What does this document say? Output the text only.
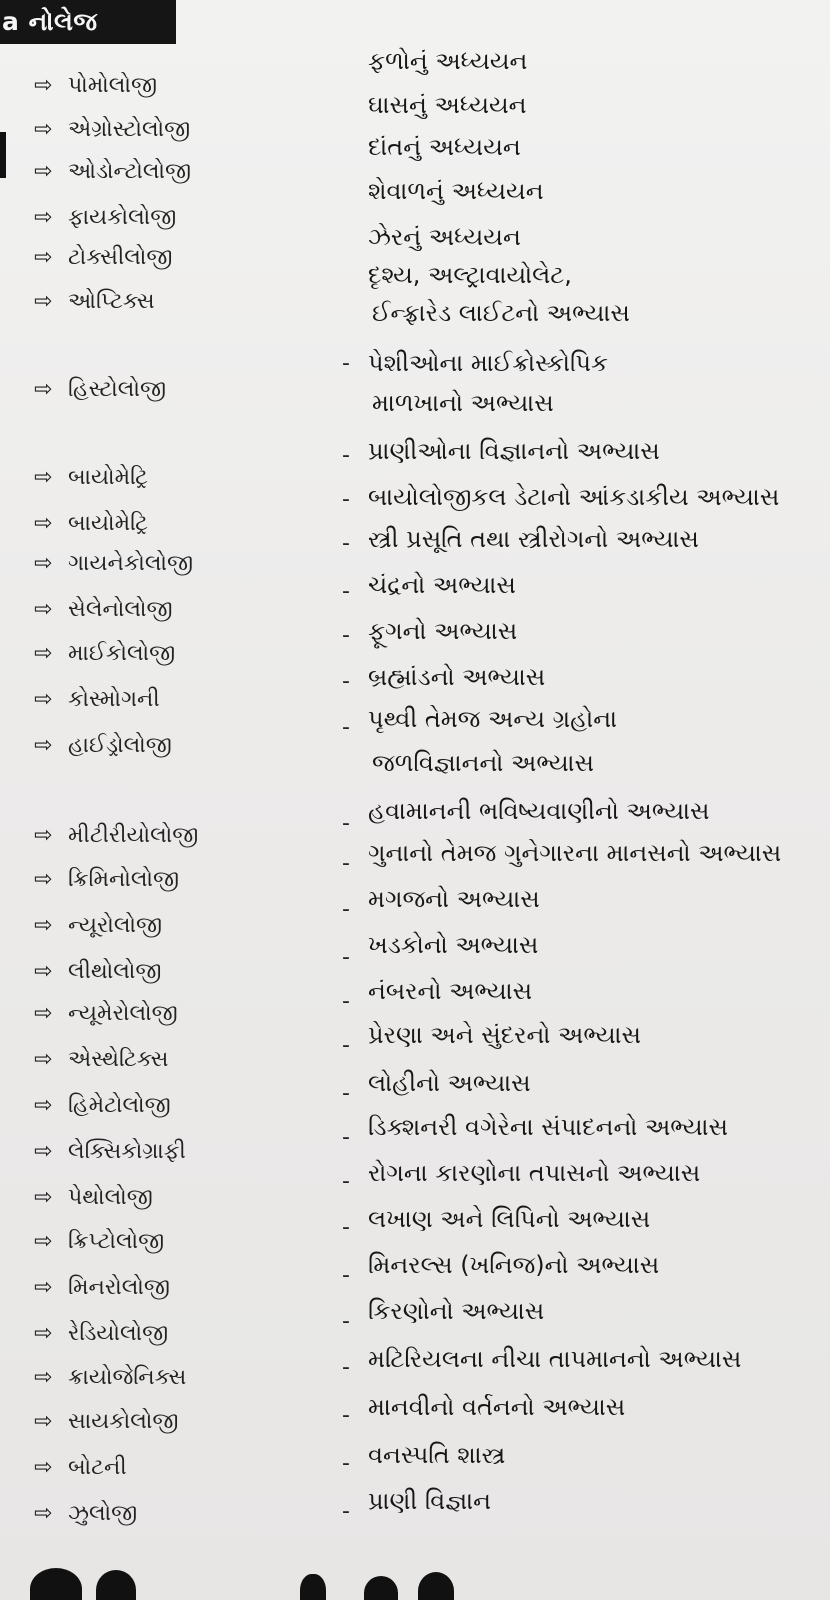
a નોલેજ
⇨ પોમોલોજી
ફળોનું અધ્યયન
⇨ એગ્રોસ્ટોલોજી
ઘાસનું અધ્યયન
⇨ ઓડોન્ટોલોજી
દાંતનું અધ્યયન
⇨ ફાયકોલોજી
શેવાળનું અધ્યયન
⇨ ટોક્સીલોજી
ઝેરનું અધ્યયન
⇨ ઓપ્ટિક્સ
દૃશ્ય, અલ્ટ્રાવાયોલેટ,
ઈન્ફ્રારેડ લાઈટનો અભ્યાસ
⇨ હિસ્ટોલોજી
- પેશીઓના માઈક્રોસ્કોપિક
માળખાનો અભ્યાસ
⇨ બાયોમેટ્રિ
- પ્રાણીઓના વિજ્ઞાનનો અભ્યાસ
⇨ બાયોમેટ્રિ
- બાયોલોજીકલ ડેટાનો આંકડાકીય અભ્યાસ
⇨ ગાયનેકોલોજી
- સ્ત્રી પ્રસૂતિ તથા સ્ત્રીરોગનો અભ્યાસ
⇨ સેલેનોલોજી
- ચંદ્રનો અભ્યાસ
⇨ માઈકોલોજી
- ફૂગનો અભ્યાસ
⇨ કોસ્મોગની
- બ્રહ્માંડનો અભ્યાસ
⇨ હાઈડ્રોલોજી
- પૃથ્વી તેમજ અન્ય ગ્રહોના
જળવિજ્ઞાનનો અભ્યાસ
⇨ મીટીરીયોલોજી	- હવામાનની ભવિષ્યવાણીનો અભ્યાસ
⇨ ક્રિમિનોલોજી
- ગુનાનો તેમજ ગુનેગારના માનસનો અભ્યાસ
⇨ ન્યૂરોલોજી
- મગજનો અભ્યાસ
⇨ લીથોલોજી
- ખડકોનો અભ્યાસ
⇨ ન્યૂમેરોલોજી	- નંબરનો અભ્યાસ
⇨ એસ્થેટિક્સ
- પ્રેરણા અને સુંદરનો અભ્યાસ
⇨ હિમેટોલોજી	- લોહીનો અભ્યાસ
⇨ લેક્સિકોગ્રાફી
- ડિક્શનરી વગેરેના સંપાદનનો અભ્યાસ
⇨ પેથોલોજી
- રોગના કારણોના તપાસનો અભ્યાસ
⇨ ક્રિપ્ટોલોજી
- લખાણ અને લિપિનો અભ્યાસ
⇨ મિનરોલોજી	- મિનરલ્સ (ખનિજ)નો અભ્યાસ
⇨ રેડિયોલોજી	- કિરણોનો અભ્યાસ
⇨ ક્રાયોજેનિક્સ	- મટિરિયલના નીચા તાપમાનનો અભ્યાસ
⇨ સાયકોલોજી	- માનવીનો વર્તનનો અભ્યાસ
⇨ બોટની	- વનસ્પતિ શાસ્ત્ર
⇨ ઝુલોજી	- પ્રાણી વિજ્ઞાન
